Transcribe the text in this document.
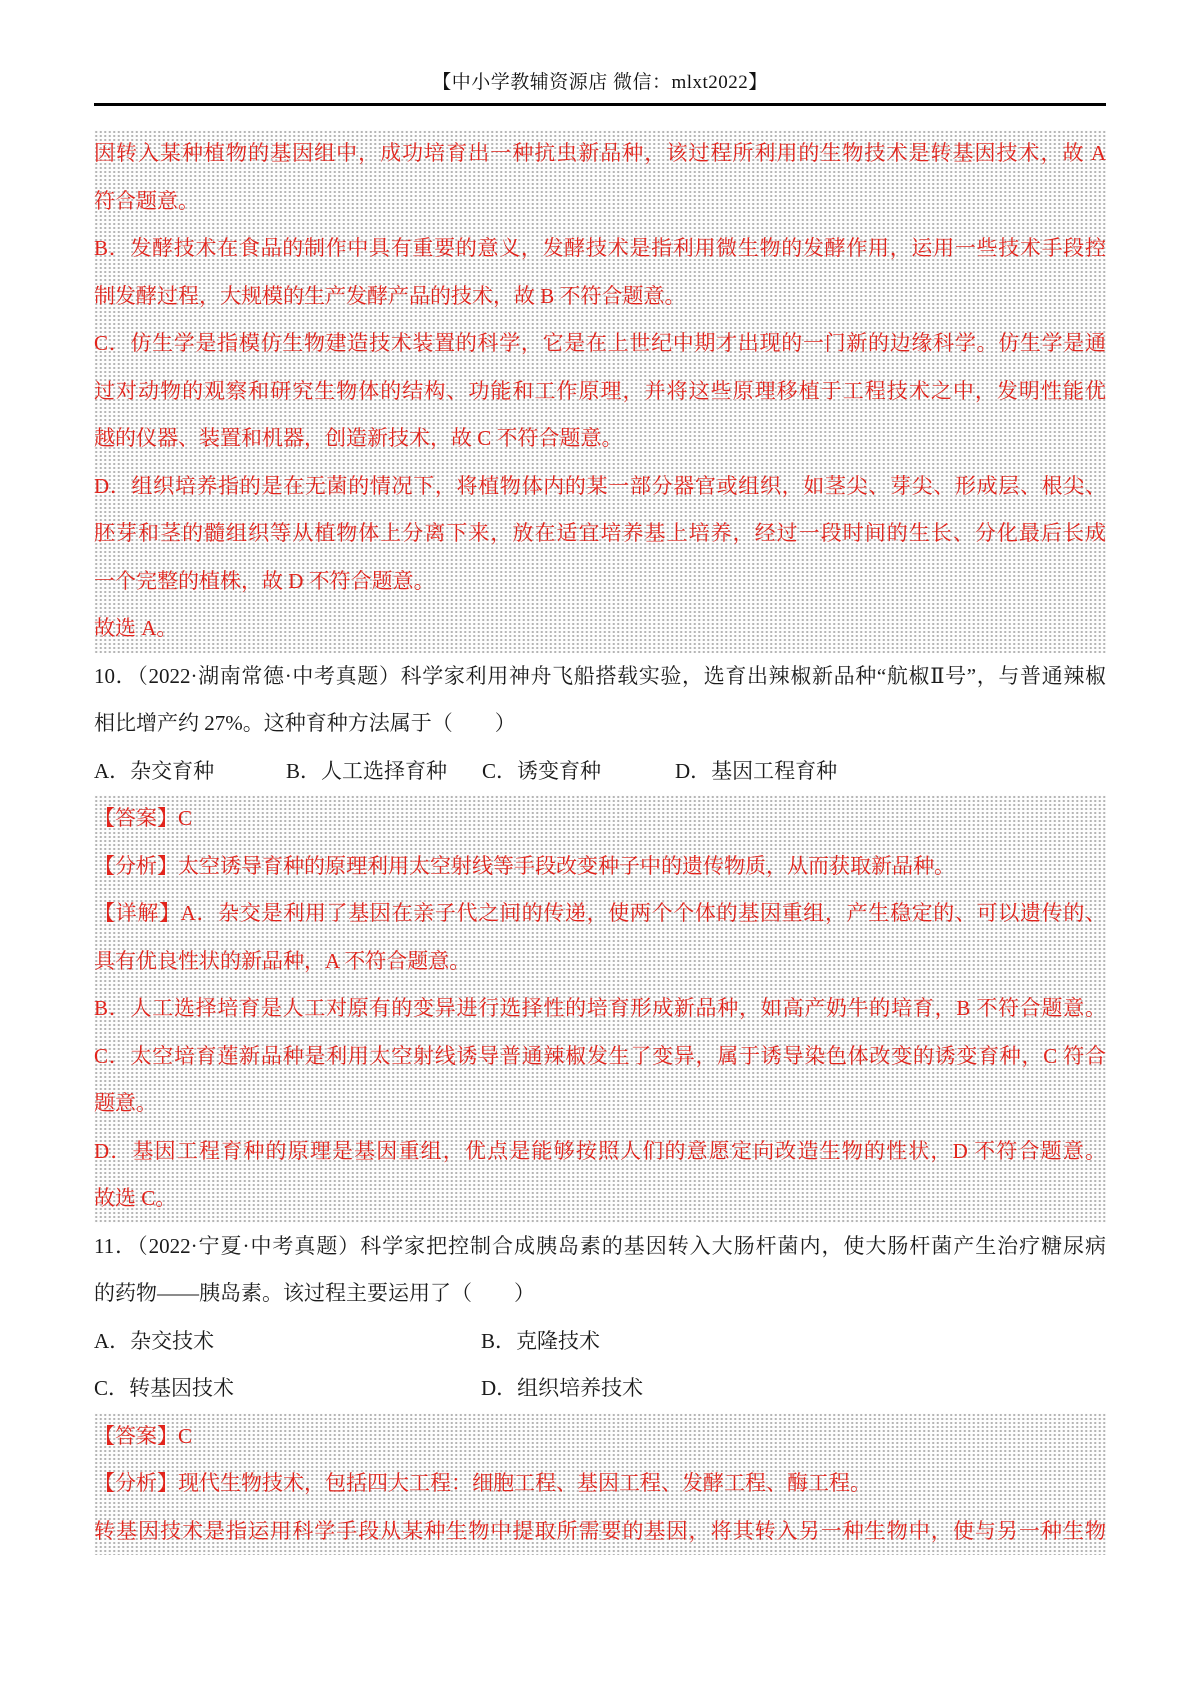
【中小学教辅资源店 微信：mlxt2022】
因转入某种植物的基因组中，成功培育出一种抗虫新品种，该过程所利用的生物技术是转基因技术，故 A
符合题意。
B．发酵技术在食品的制作中具有重要的意义，发酵技术是指利用微生物的发酵作用，运用一些技术手段控
制发酵过程，大规模的生产发酵产品的技术，故 B 不符合题意。
C．仿生学是指模仿生物建造技术装置的科学，它是在上世纪中期才出现的一门新的边缘科学。仿生学是通
过对动物的观察和研究生物体的结构、功能和工作原理，并将这些原理移植于工程技术之中，发明性能优
越的仪器、装置和机器，创造新技术，故 C 不符合题意。
D．组织培养指的是在无菌的情况下，将植物体内的某一部分器官或组织，如茎尖、芽尖、形成层、根尖、
胚芽和茎的髓组织等从植物体上分离下来，放在适宜培养基上培养，经过一段时间的生长、分化最后长成
一个完整的植株，故 D 不符合题意。
故选 A。
10．（2022·湖南常德·中考真题）科学家利用神舟飞船搭载实验，选育出辣椒新品种“航椒Ⅱ号”，与普通辣椒
相比增产约 27%。这种育种方法属于（　　）
A．杂交育种	B．人工选择育种	C．诱变育种	D．基因工程育种
【答案】C
【分析】太空诱导育种的原理利用太空射线等手段改变种子中的遗传物质，从而获取新品种。
【详解】A．杂交是利用了基因在亲子代之间的传递，使两个个体的基因重组，产生稳定的、可以遗传的、
具有优良性状的新品种，A 不符合题意。
B．人工选择培育是人工对原有的变异进行选择性的培育形成新品种，如高产奶牛的培育，B 不符合题意。
C．太空培育莲新品种是利用太空射线诱导普通辣椒发生了变异，属于诱导染色体改变的诱变育种，C 符合
题意。
D．基因工程育种的原理是基因重组，优点是能够按照人们的意愿定向改造生物的性状，D 不符合题意。
故选 C。
11．（2022·宁夏·中考真题）科学家把控制合成胰岛素的基因转入大肠杆菌内，使大肠杆菌产生治疗糖尿病
的药物——胰岛素。该过程主要运用了（　　）
A．杂交技术	B．克隆技术
C．转基因技术	D．组织培养技术
【答案】C
【分析】现代生物技术，包括四大工程：细胞工程、基因工程、发酵工程、酶工程。
转基因技术是指运用科学手段从某种生物中提取所需要的基因，将其转入另一种生物中，使与另一种生物
